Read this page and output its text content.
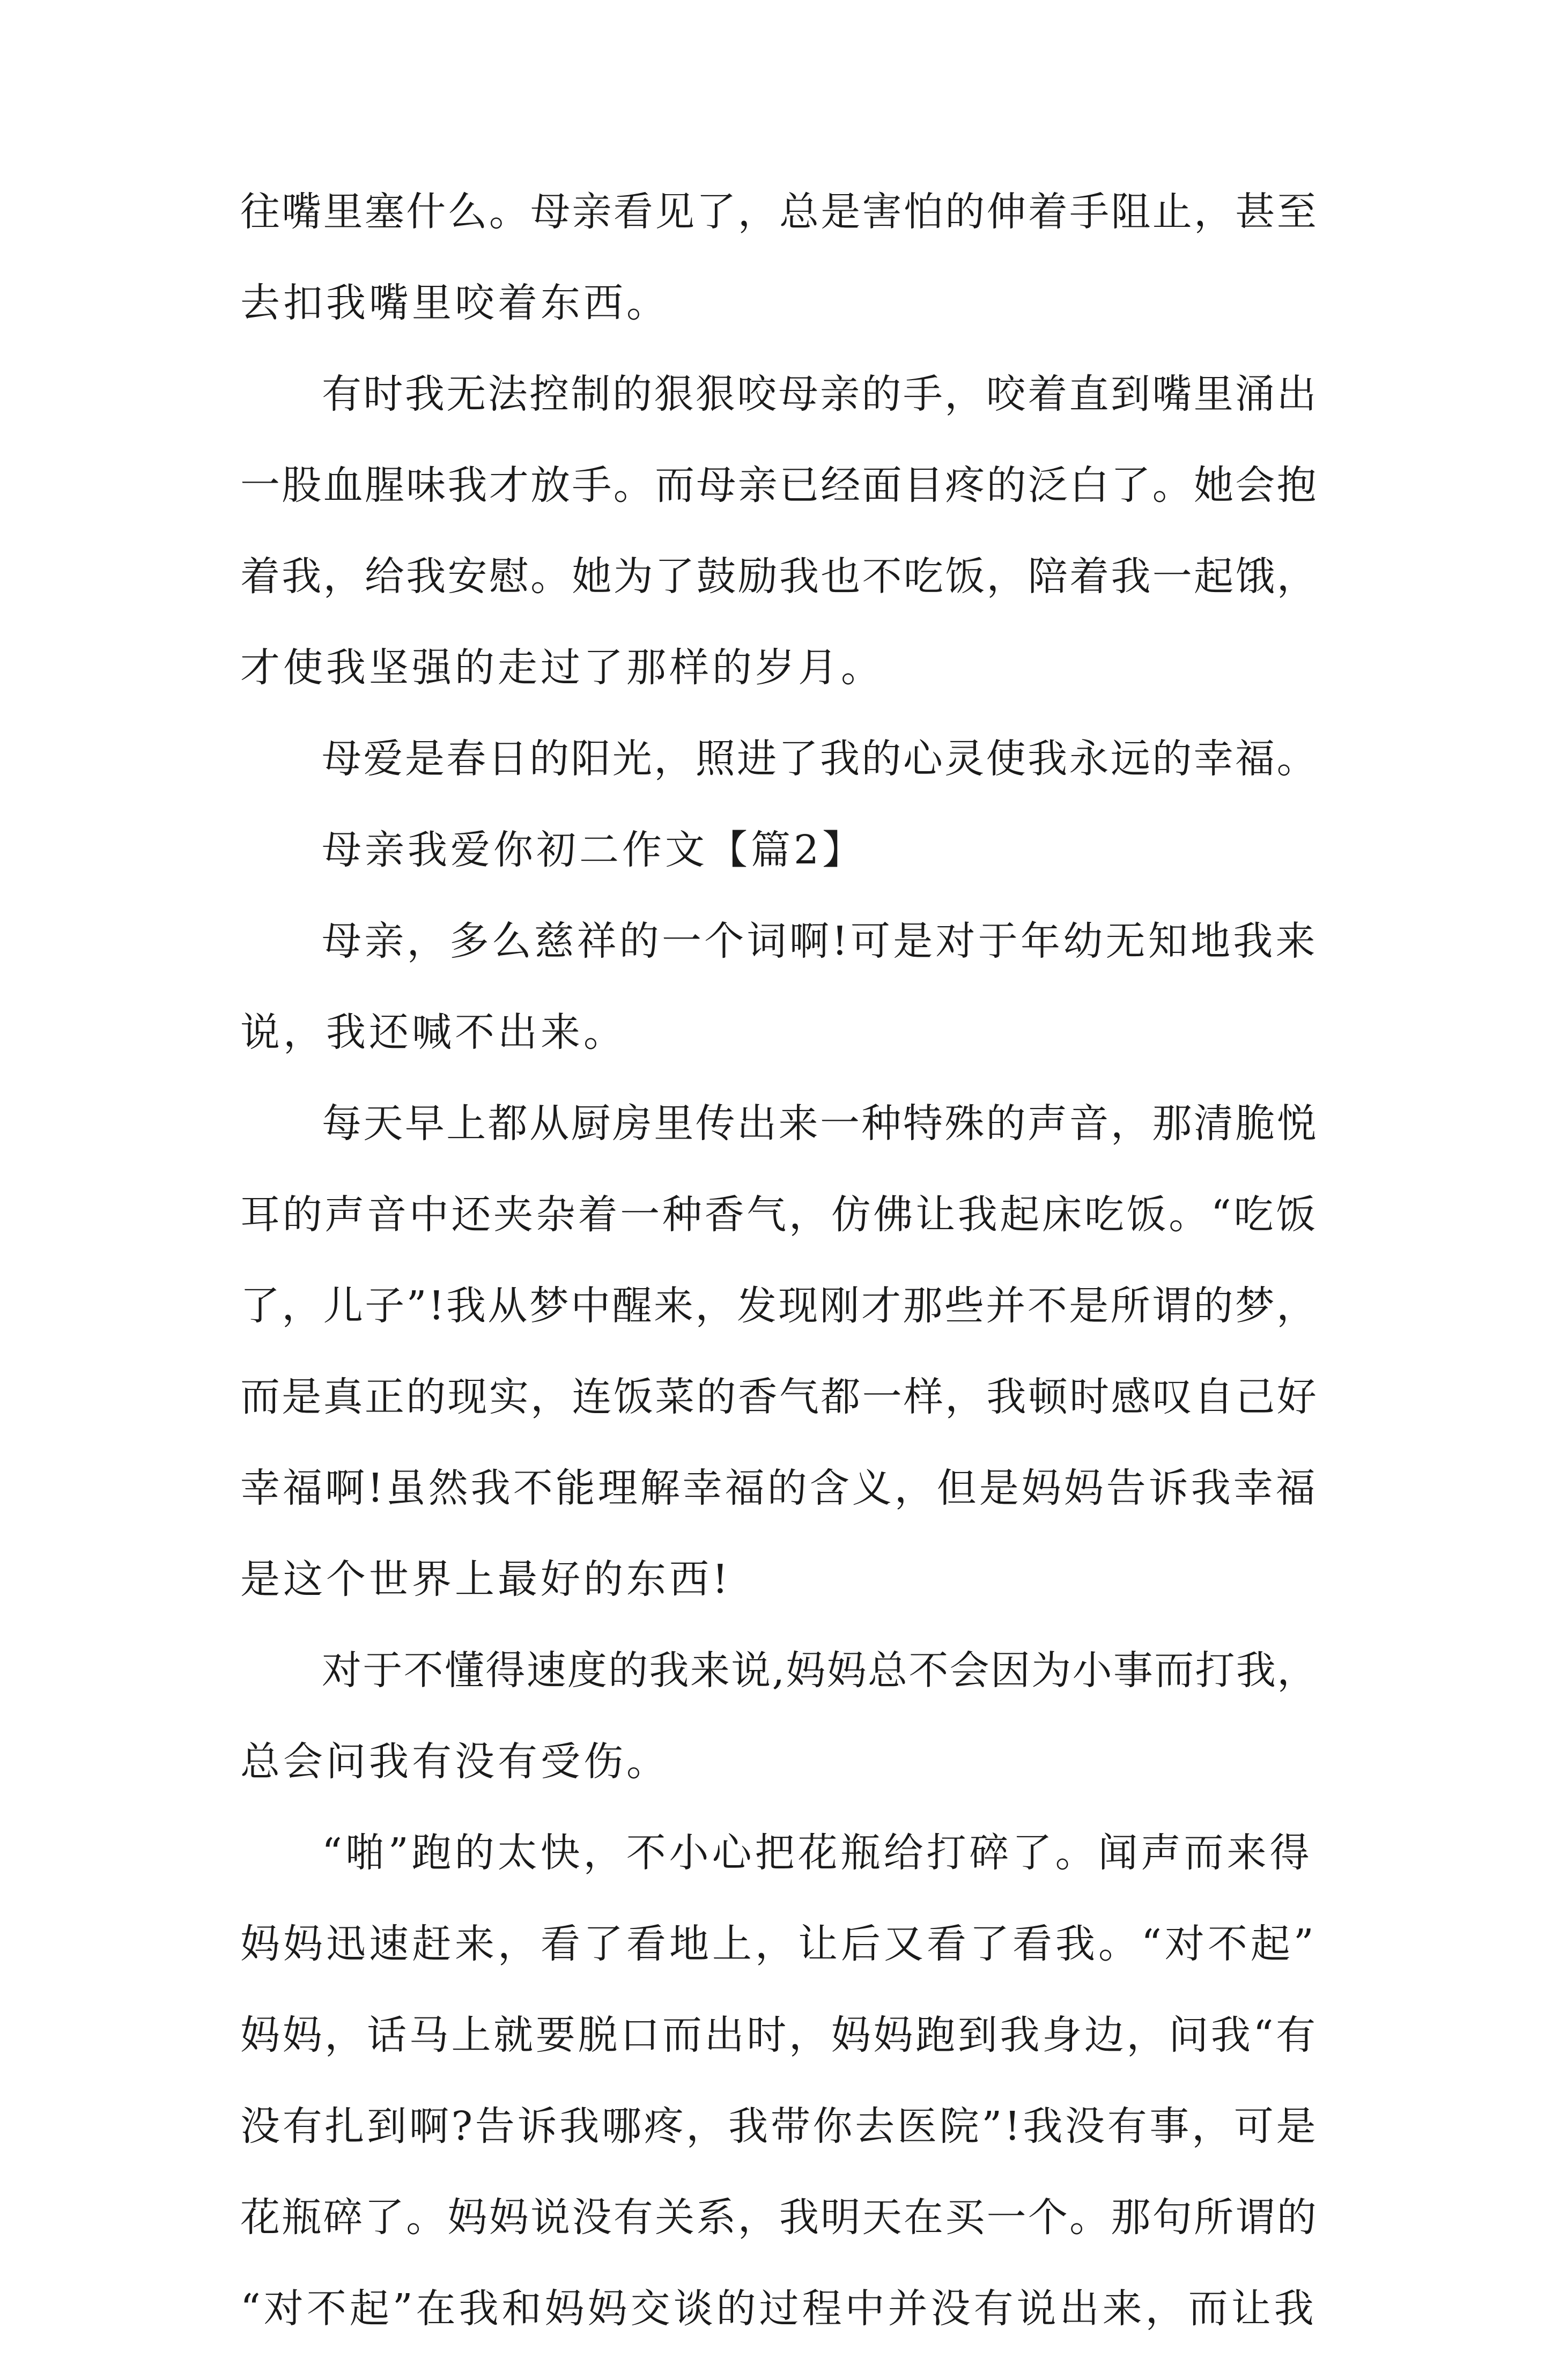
往嘴里塞什么。母亲看见了，总是害怕的伸着手阻止，甚至
去扣我嘴里咬着东西。
有时我无法控制的狠狠咬母亲的手，咬着直到嘴里涌出
一股血腥味我才放手。而母亲已经面目疼的泛白了。她会抱
着我，给我安慰。她为了鼓励我也不吃饭，陪着我一起饿，
才使我坚强的走过了那样的岁月。
母爱是春日的阳光，照进了我的心灵使我永远的幸福。
母亲我爱你初二作文【篇2】
母亲，多么慈祥的一个词啊!可是对于年幼无知地我来
说，我还喊不出来。
每天早上都从厨房里传出来一种特殊的声音，那清脆悦
耳的声音中还夹杂着一种香气，仿佛让我起床吃饭。“吃饭
了，儿子”!我从梦中醒来，发现刚才那些并不是所谓的梦，
而是真正的现实，连饭菜的香气都一样，我顿时感叹自己好
幸福啊!虽然我不能理解幸福的含义，但是妈妈告诉我幸福
是这个世界上最好的东西!
对于不懂得速度的我来说,妈妈总不会因为小事而打我，
总会问我有没有受伤。
“啪”跑的太快，不小心把花瓶给打碎了。闻声而来得
妈妈迅速赶来，看了看地上，让后又看了看我。“对不起”
妈妈，话马上就要脱口而出时，妈妈跑到我身边，问我“有
没有扎到啊?告诉我哪疼，我带你去医院”!我没有事，可是
花瓶碎了。妈妈说没有关系，我明天在买一个。那句所谓的
“对不起”在我和妈妈交谈的过程中并没有说出来，而让我
